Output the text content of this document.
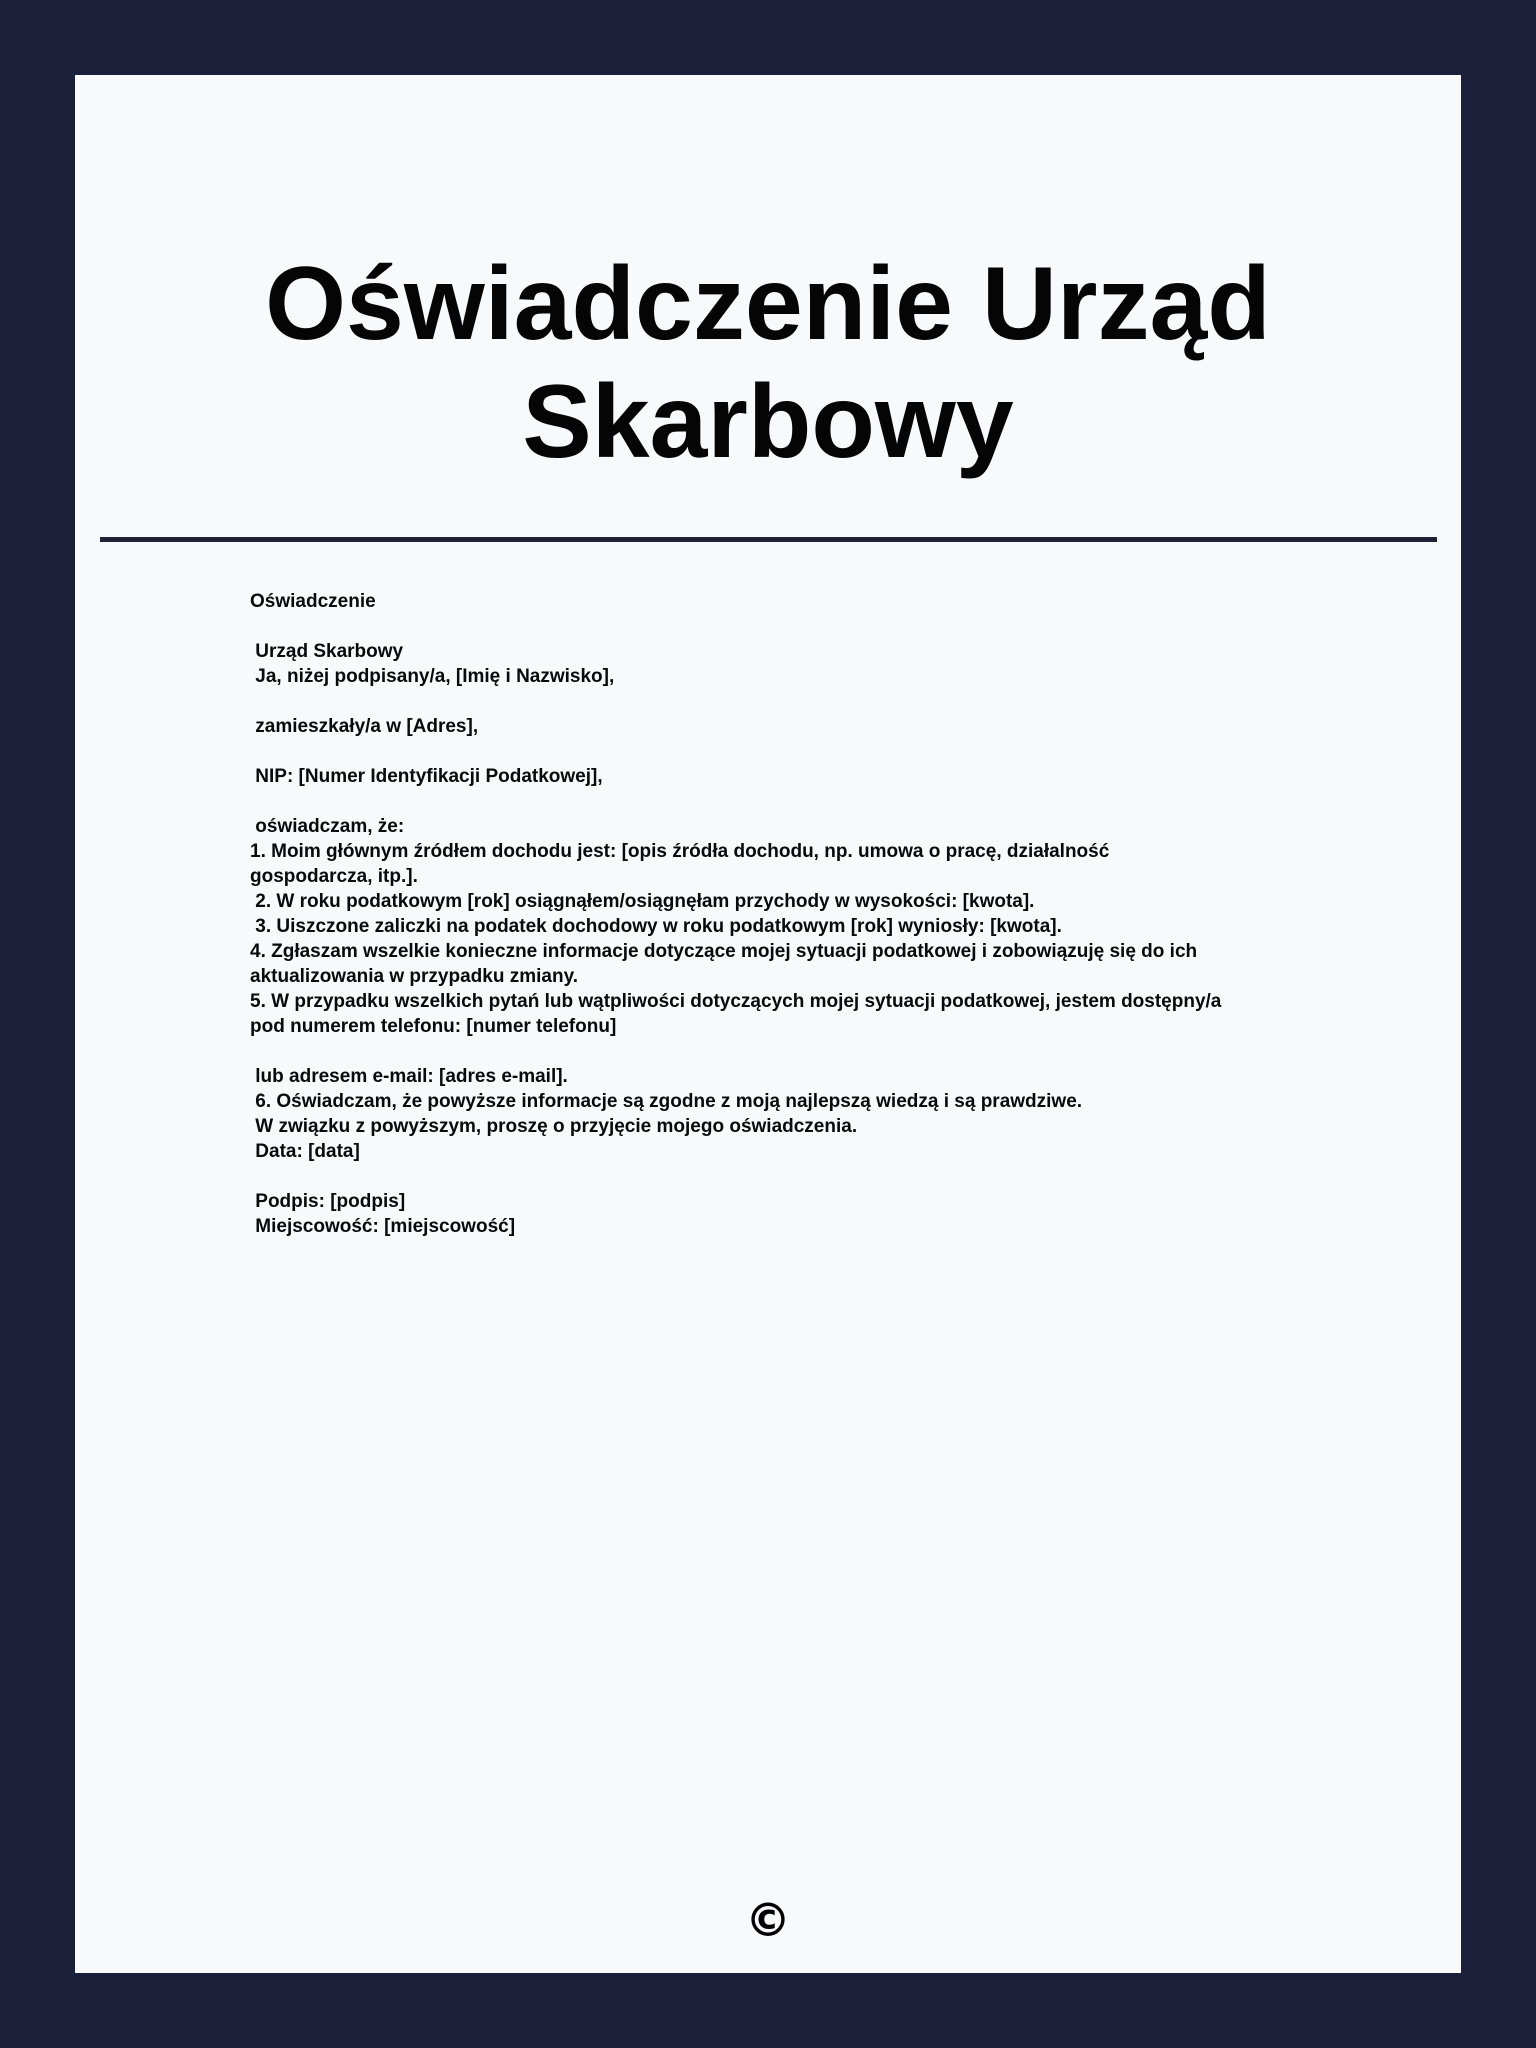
Oświadczenie Urząd Skarbowy

Oświadczenie

Urząd Skarbowy
Ja, niżej podpisany/a, [Imię i Nazwisko],

zamieszkały/a w [Adres],

NIP: [Numer Identyfikacji Podatkowej],

oświadczam, że:
1. Moim głównym źródłem dochodu jest: [opis źródła dochodu, np. umowa o pracę, działalność
gospodarcza, itp.].
2. W roku podatkowym [rok] osiągnąłem/osiągnęłam przychody w wysokości: [kwota].
3. Uiszczone zaliczki na podatek dochodowy w roku podatkowym [rok] wyniosły: [kwota].
4. Zgłaszam wszelkie konieczne informacje dotyczące mojej sytuacji podatkowej i zobowiązuję się do ich
aktualizowania w przypadku zmiany.
5. W przypadku wszelkich pytań lub wątpliwości dotyczących mojej sytuacji podatkowej, jestem dostępny/a
pod numerem telefonu: [numer telefonu]

lub adresem e-mail: [adres e-mail].
6. Oświadczam, że powyższe informacje są zgodne z moją najlepszą wiedzą i są prawdziwe.
W związku z powyższym, proszę o przyjęcie mojego oświadczenia.
Data: [data]

Podpis: [podpis]
Miejscowość: [miejscowość]

©
